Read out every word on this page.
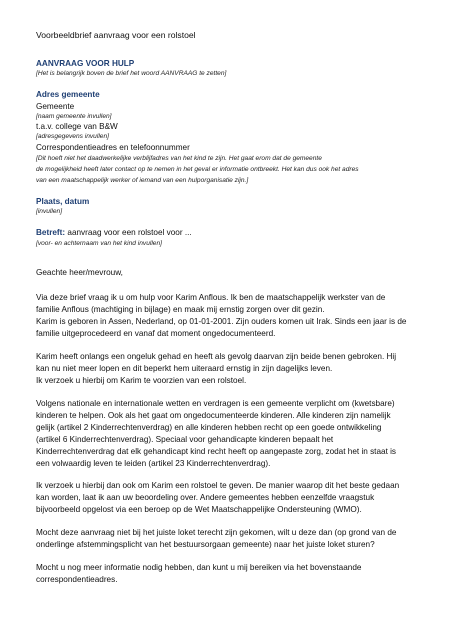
Voorbeeldbrief aanvraag voor een rolstoel
AANVRAAG VOOR HULP
[Het is belangrijk boven de brief het woord AANVRAAG te zetten]
Adres gemeente
Gemeente
[naam gemeente invullen]
t.a.v. college van B&W
[adresgegevens invullen]
Correspondentieadres en telefoonnummer
[Dit hoeft niet het daadwerkelijke verblijfadres van het kind te zijn. Het gaat erom dat de gemeente
de mogelijkheid heeft later contact op te nemen in het geval er informatie ontbreekt. Het kan dus ook het adres
van een maatschappelijk werker of iemand van een hulporganisatie zijn.]
Plaats, datum
[invullen]
Betreft: aanvraag voor een rolstoel voor ...
[voor- en achternaam van het kind invullen]
Geachte heer/mevrouw,
Via deze brief vraag ik u om hulp voor Karim Anflous. Ik ben de maatschappelijk werkster van de
familie Anflous (machtiging in bijlage) en maak mij ernstig zorgen over dit gezin.
Karim is geboren in Assen, Nederland, op 01-01-2001. Zijn ouders komen uit Irak. Sinds een jaar is de
familie uitgeprocedeerd en vanaf dat moment ongedocumenteerd.
Karim heeft onlangs een ongeluk gehad en heeft als gevolg daarvan zijn beide benen gebroken. Hij
kan nu niet meer lopen en dit beperkt hem uiteraard ernstig in zijn dagelijks leven.
Ik verzoek u hierbij om Karim te voorzien van een rolstoel.
Volgens nationale en internationale wetten en verdragen is een gemeente verplicht om (kwetsbare)
kinderen te helpen. Ook als het gaat om ongedocumenteerde kinderen. Alle kinderen zijn namelijk
gelijk (artikel 2 Kinderrechtenverdrag) en alle kinderen hebben recht op een goede ontwikkeling
(artikel 6 Kinderrechtenverdrag). Speciaal voor gehandicapte kinderen bepaalt het
Kinderrechtenverdrag dat elk gehandicapt kind recht heeft op aangepaste zorg, zodat het in staat is
een volwaardig leven te leiden (artikel 23 Kinderrechtenverdrag).
Ik verzoek u hierbij dan ook om Karim een rolstoel te geven. De manier waarop dit het beste gedaan
kan worden, laat ik aan uw beoordeling over. Andere gemeentes hebben eenzelfde vraagstuk
bijvoorbeeld opgelost via een beroep op de Wet Maatschappelijke Ondersteuning (WMO).
Mocht deze aanvraag niet bij het juiste loket terecht zijn gekomen, wilt u deze dan (op grond van de
onderlinge afstemmingsplicht van het bestuursorgaan gemeente) naar het juiste loket sturen?
Mocht u nog meer informatie nodig hebben, dan kunt u mij bereiken via het bovenstaande
correspondentieadres.
